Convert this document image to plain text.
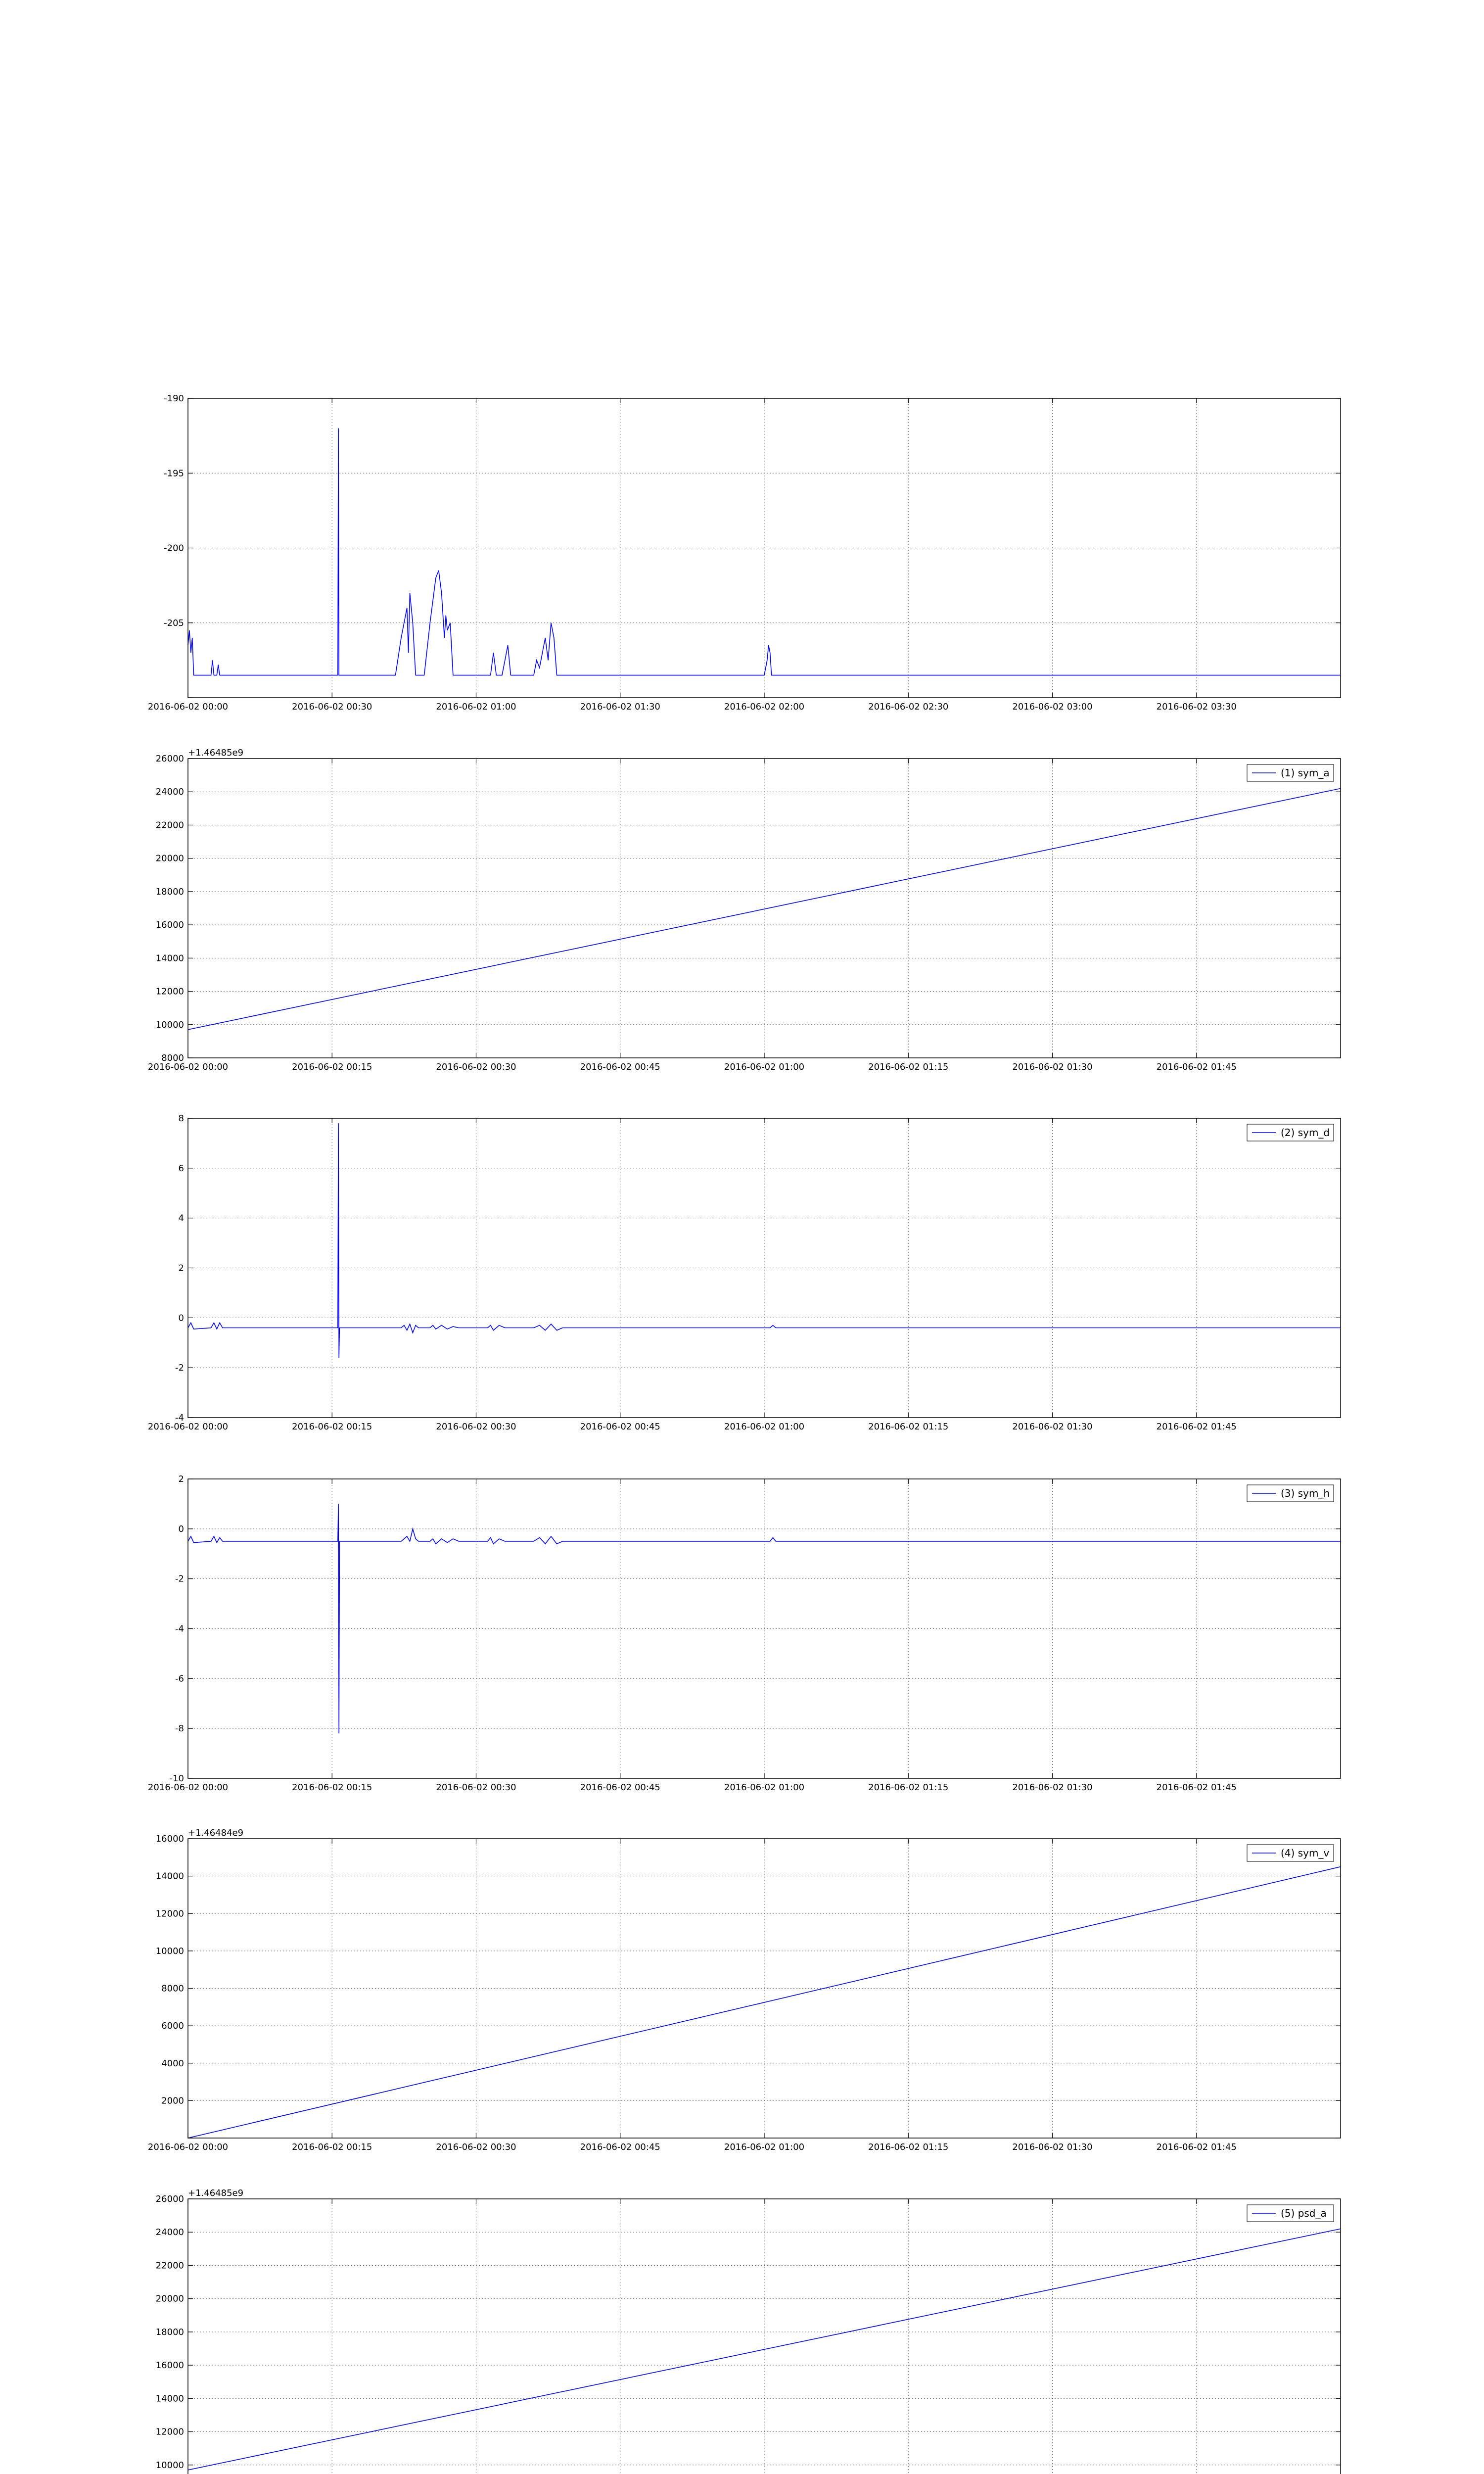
-205
-200
-195
-190
2016-06-02 00:00	2016-06-02 00:30	2016-06-02 01:00	2016-06-02 01:30	2016-06-02 02:00	2016-06-02 02:30	2016-06-02 03:00	2016-06-02 03:30
8000
10000
12000
14000
16000
18000
20000
22000
24000
26000
2016-06-02 00:00	2016-06-02 00:15	2016-06-02 00:30	2016-06-02 00:45	2016-06-02 01:00	2016-06-02 01:15	2016-06-02 01:30	2016-06-02 01:45
+1.46485e9
(1) sym_a
-4
-2
0
2
4
6
8
2016-06-02 00:00	2016-06-02 00:15	2016-06-02 00:30	2016-06-02 00:45	2016-06-02 01:00	2016-06-02 01:15	2016-06-02 01:30	2016-06-02 01:45
(2) sym_d
-10
-8
-6
-4
-2
0
2
2016-06-02 00:00	2016-06-02 00:15	2016-06-02 00:30	2016-06-02 00:45	2016-06-02 01:00	2016-06-02 01:15	2016-06-02 01:30	2016-06-02 01:45
(3) sym_h
2000
4000
6000
8000
10000
12000
14000
16000
2016-06-02 00:00	2016-06-02 00:15	2016-06-02 00:30	2016-06-02 00:45	2016-06-02 01:00	2016-06-02 01:15	2016-06-02 01:30	2016-06-02 01:45
+1.46484e9
(4) sym_v
10000
12000
14000
16000
18000
20000
22000
24000
26000
+1.46485e9
(5) psd_a
